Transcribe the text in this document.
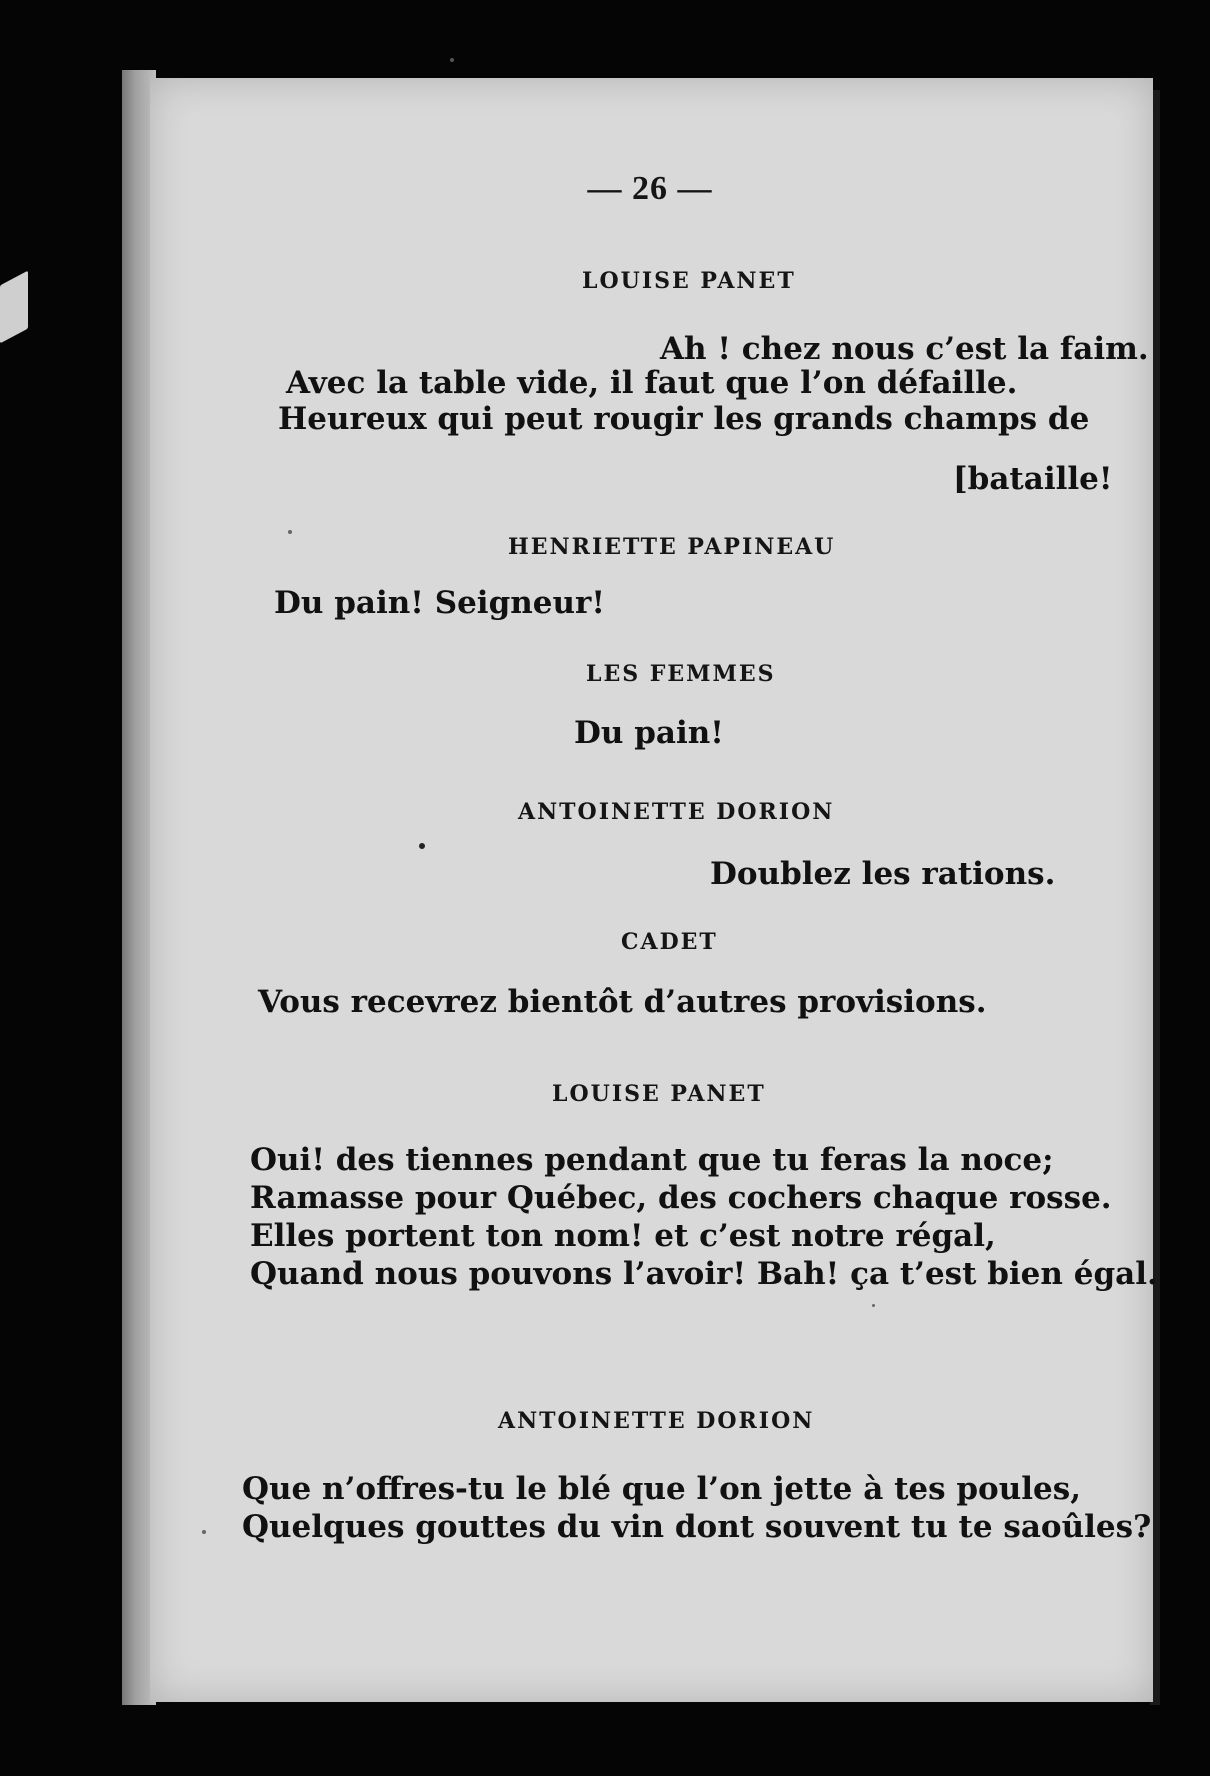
— 26 —
LOUISE PANET
Ah ! chez nous c’est la faim.
Avec la table vide, il faut que l’on défaille.
Heureux qui peut rougir les grands champs de
[bataille!
HENRIETTE PAPINEAU
Du pain! Seigneur!
LES FEMMES
Du pain!
ANTOINETTE DORION
Doublez les rations.
CADET
Vous recevrez bientôt d’autres provisions.
LOUISE PANET
Oui! des tiennes pendant que tu feras la noce;
Ramasse pour Québec, des cochers chaque rosse.
Elles portent ton nom! et c’est notre régal,
Quand nous pouvons l’avoir! Bah! ça t’est bien égal.
ANTOINETTE DORION
Que n’offres-tu le blé que l’on jette à tes poules,
Quelques gouttes du vin dont souvent tu te saoûles?
